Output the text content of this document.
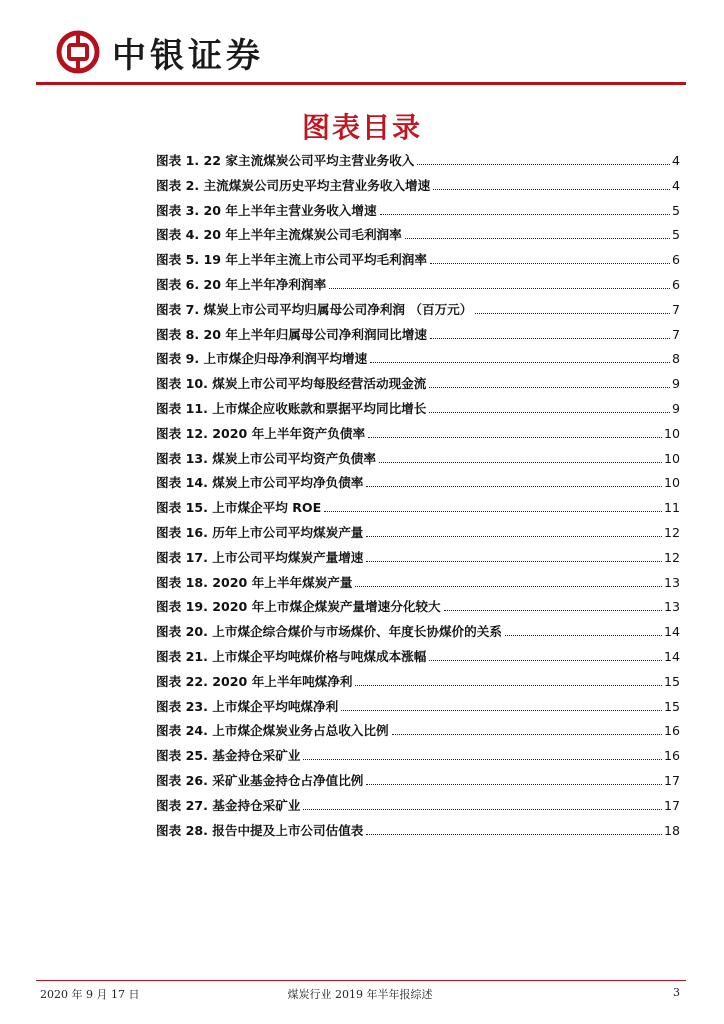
中银证券
图表目录
图表 1. 22 家主流煤炭公司平均主营业务收入	4
图表 2. 主流煤炭公司历史平均主营业务收入增速	4
图表 3. 20 年上半年主营业务收入增速	5
图表 4. 20 年上半年主流煤炭公司毛利润率	5
图表 5. 19 年上半年主流上市公司平均毛利润率	6
图表 6. 20 年上半年净利润率	6
图表 7. 煤炭上市公司平均归属母公司净利润 （百万元）	7
图表 8. 20 年上半年归属母公司净利润同比增速	7
图表 9. 上市煤企归母净利润平均增速	8
图表 10. 煤炭上市公司平均每股经营活动现金流	9
图表 11. 上市煤企应收账款和票据平均同比增长	9
图表 12. 2020 年上半年资产负债率	10
图表 13. 煤炭上市公司平均资产负债率	10
图表 14. 煤炭上市公司平均净负债率	10
图表 15. 上市煤企平均 ROE	11
图表 16. 历年上市公司平均煤炭产量	12
图表 17. 上市公司平均煤炭产量增速	12
图表 18. 2020 年上半年煤炭产量	13
图表 19. 2020 年上市煤企煤炭产量增速分化较大	13
图表 20. 上市煤企综合煤价与市场煤价、年度长协煤价的关系	14
图表 21. 上市煤企平均吨煤价格与吨煤成本涨幅	14
图表 22. 2020 年上半年吨煤净利	15
图表 23. 上市煤企平均吨煤净利	15
图表 24. 上市煤企煤炭业务占总收入比例	16
图表 25. 基金持仓采矿业	16
图表 26. 采矿业基金持仓占净值比例	17
图表 27. 基金持仓采矿业	17
图表 28. 报告中提及上市公司估值表	18
2020 年 9 月 17 日	煤炭行业 2019 年半年报综述	3
